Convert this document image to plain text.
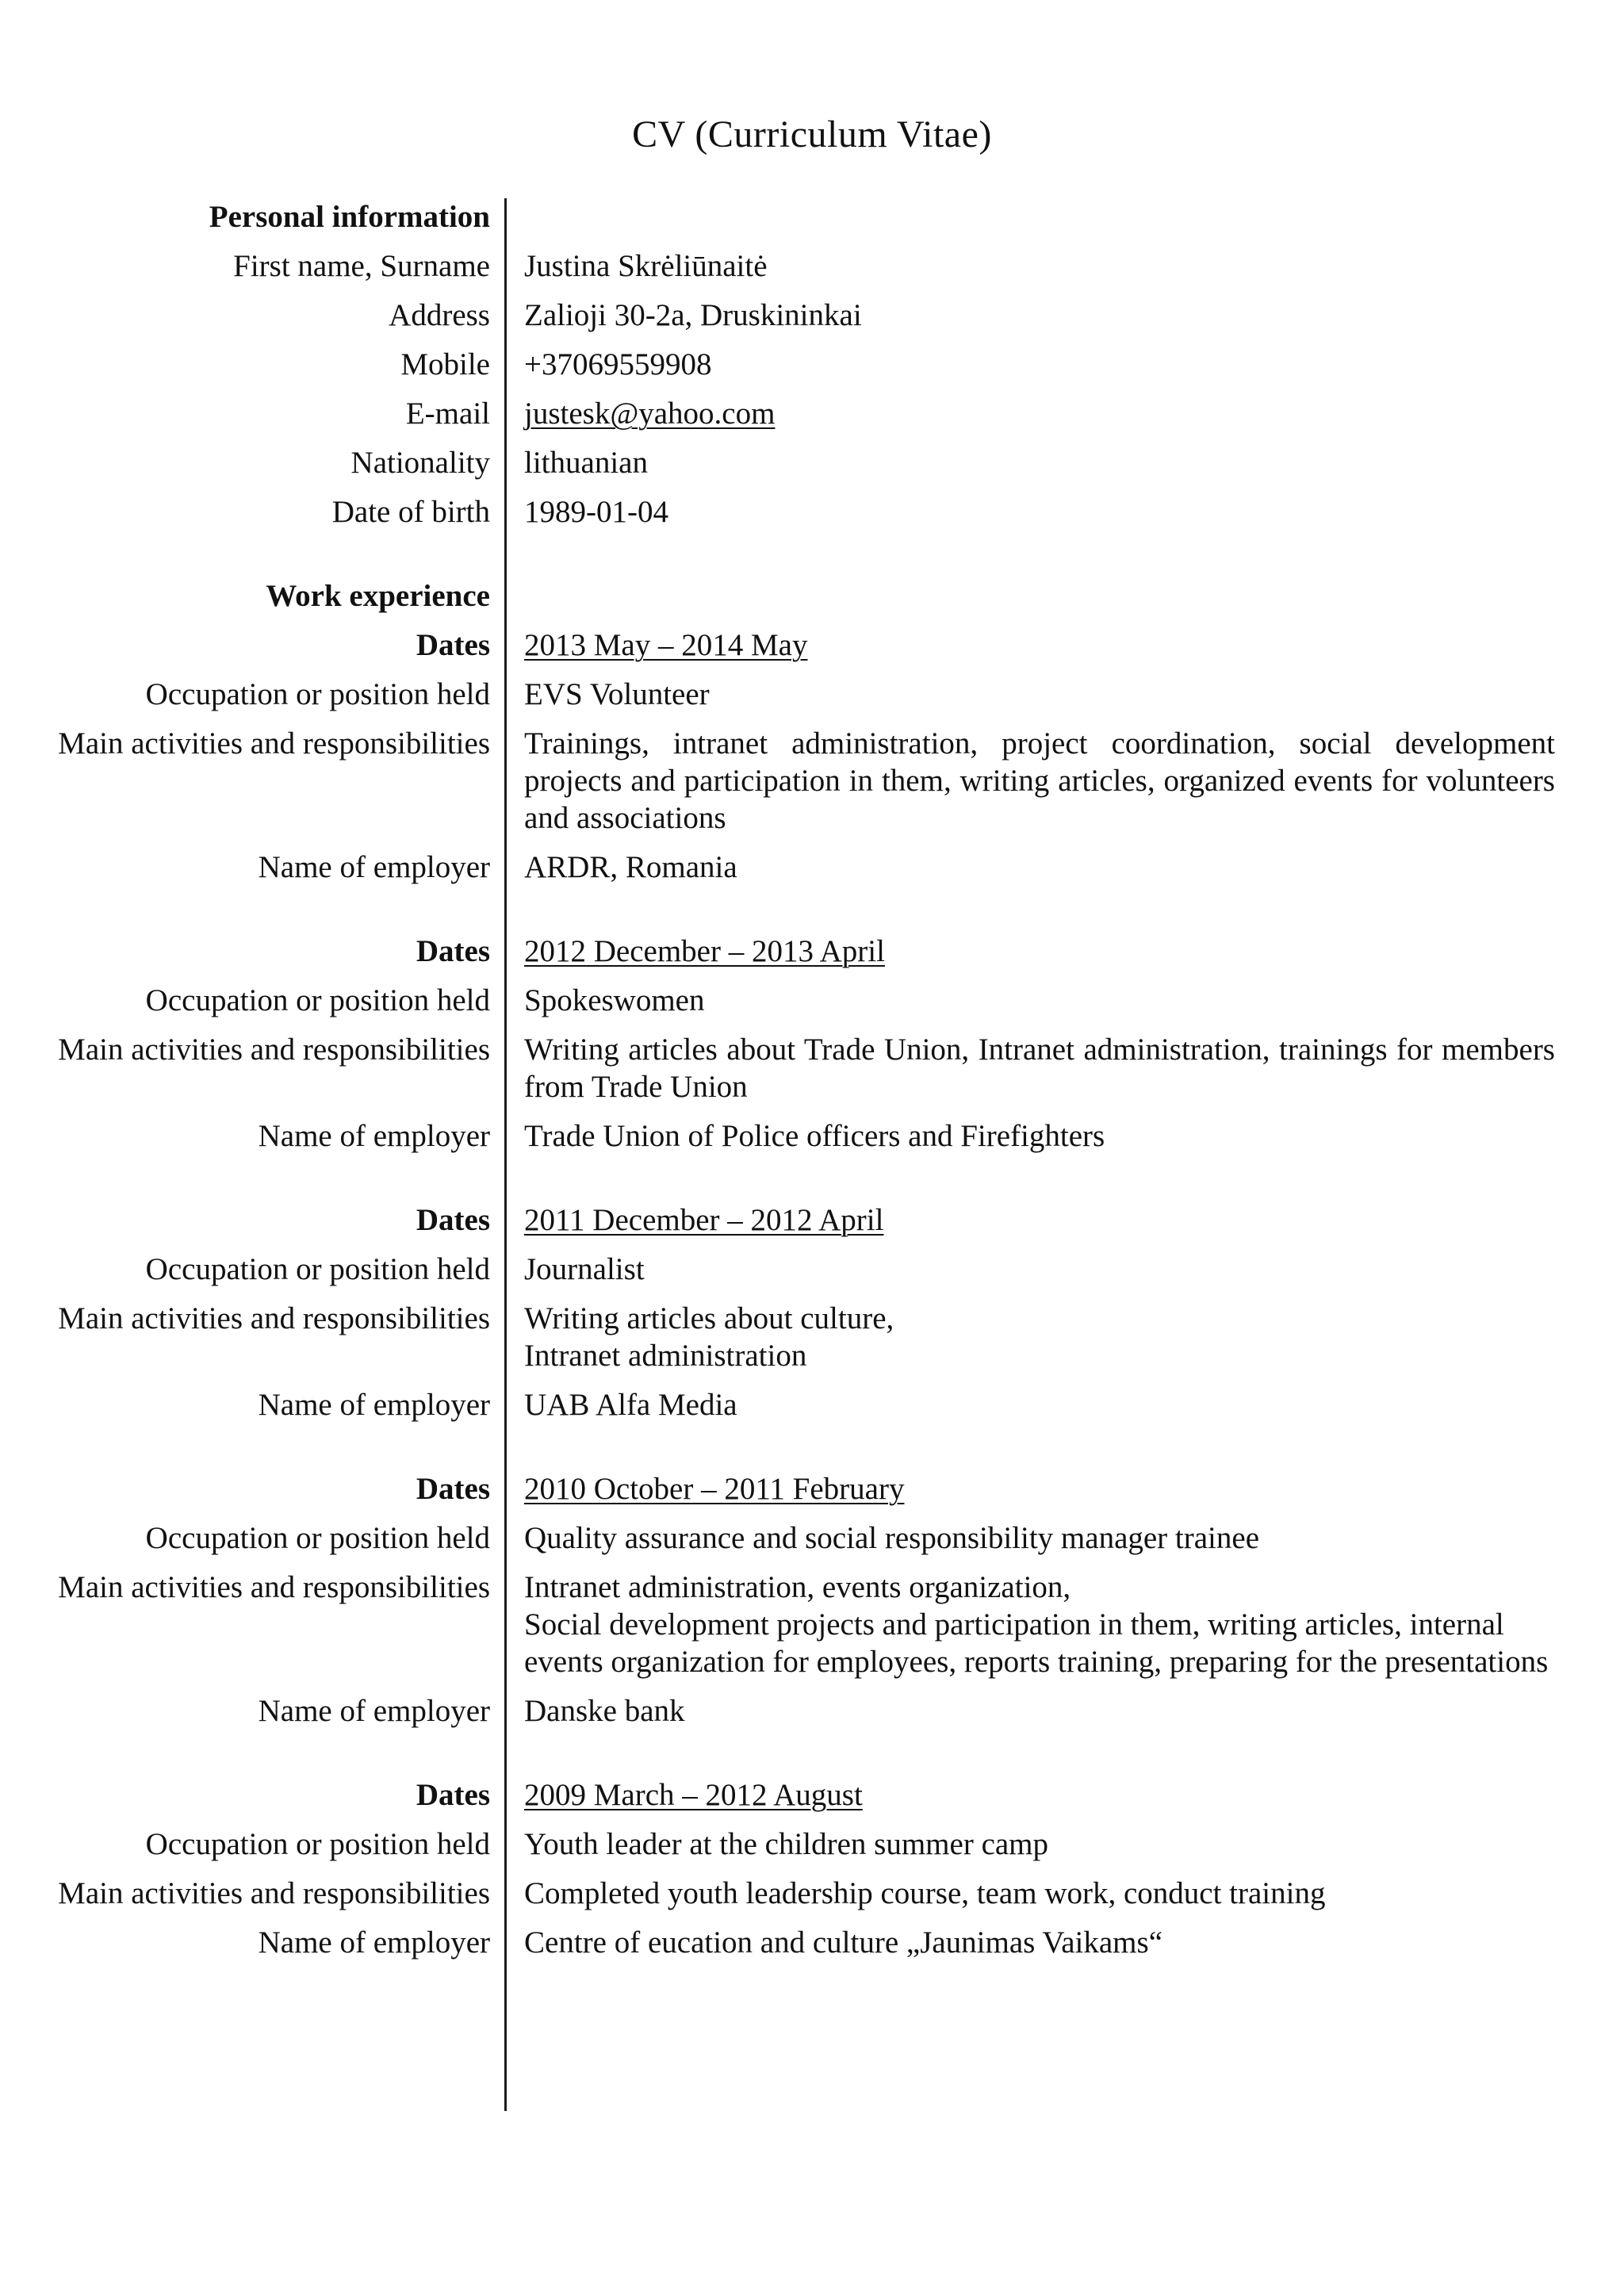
CV (Curriculum Vitae)
Personal information
First name, Surname Justina Skrėliūnaitė
Address Zalioji 30-2a, Druskininkai
Mobile +37069559908
E-mail justesk@yahoo.com
Nationality lithuanian
Date of birth 1989-01-04
Work experience
Dates 2013 May – 2014 May
Occupation or position held EVS Volunteer
Main activities and responsibilities Trainings, intranet administration, project coordination, social development projects and participation in them, writing articles, organized events for volunteers and associations
Name of employer ARDR, Romania
Dates 2012 December – 2013 April
Occupation or position held Spokeswomen
Main activities and responsibilities Writing articles about Trade Union, Intranet administration, trainings for members from Trade Union
Name of employer Trade Union of Police officers and Firefighters
Dates 2011 December – 2012 April
Occupation or position held Journalist
Main activities and responsibilities Writing articles about culture,
Intranet administration
Name of employer UAB Alfa Media
Dates 2010 October – 2011 February
Occupation or position held Quality assurance and social responsibility manager trainee
Main activities and responsibilities Intranet administration, events organization,
Social development projects and participation in them, writing articles, internal events organization for employees, reports training, preparing for the presentations
Name of employer Danske bank
Dates 2009 March – 2012 August
Occupation or position held Youth leader at the children summer camp
Main activities and responsibilities Completed youth leadership course, team work, conduct training
Name of employer Centre of eucation and culture „Jaunimas Vaikams“
